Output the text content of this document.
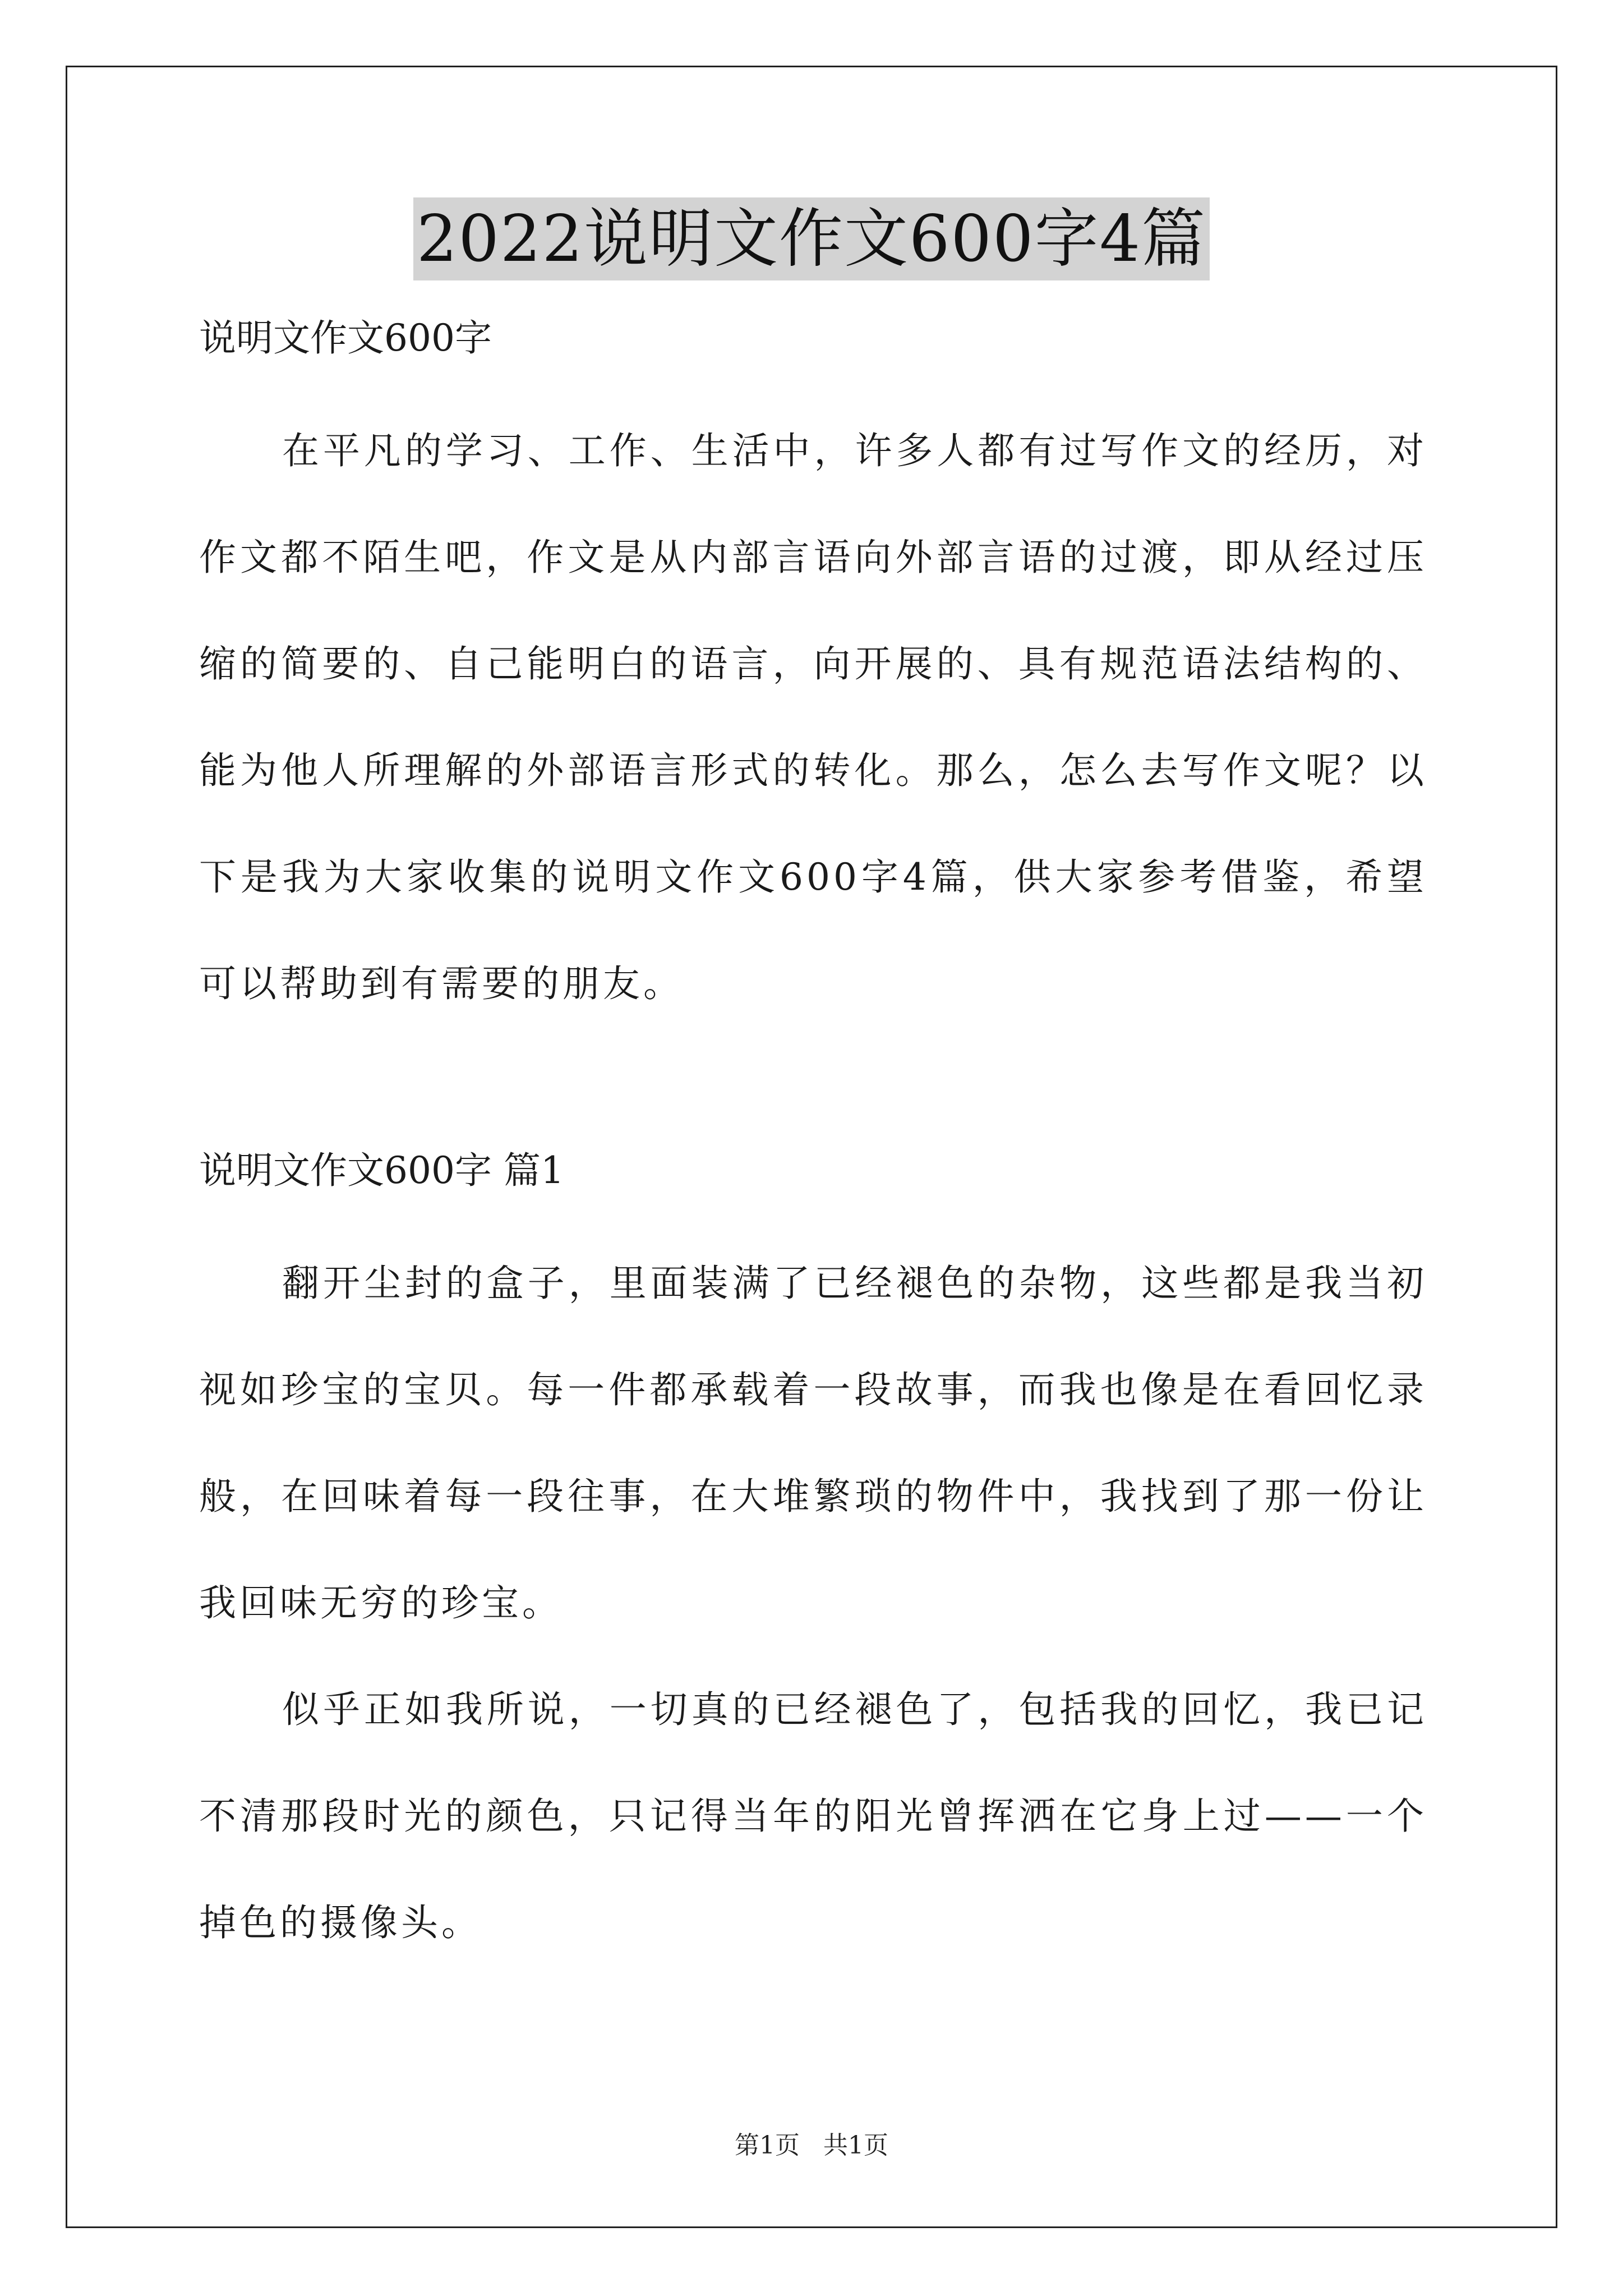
2022说明文作文600字4篇
说明文作文600字

在平凡的学习、工作、生活中，许多人都有过写作文的经历，对作文都不陌生吧，作文是从内部言语向外部言语的过渡，即从经过压缩的简要的、自己能明白的语言，向开展的、具有规范语法结构的、能为他人所理解的外部语言形式的转化。那么，怎么去写作文呢？以下是我为大家收集的说明文作文600字4篇，供大家参考借鉴，希望可以帮助到有需要的朋友。

说明文作文600字 篇1

翻开尘封的盒子，里面装满了已经褪色的杂物，这些都是我当初视如珍宝的宝贝。每一件都承载着一段故事，而我也像是在看回忆录般，在回味着每一段往事，在大堆繁琐的物件中，我找到了那一份让我回味无穷的珍宝。

似乎正如我所说，一切真的已经褪色了，包括我的回忆，我已记不清那段时光的颜色，只记得当年的阳光曾挥洒在它身上过——一个掉色的摄像头。

第1页   共1页
